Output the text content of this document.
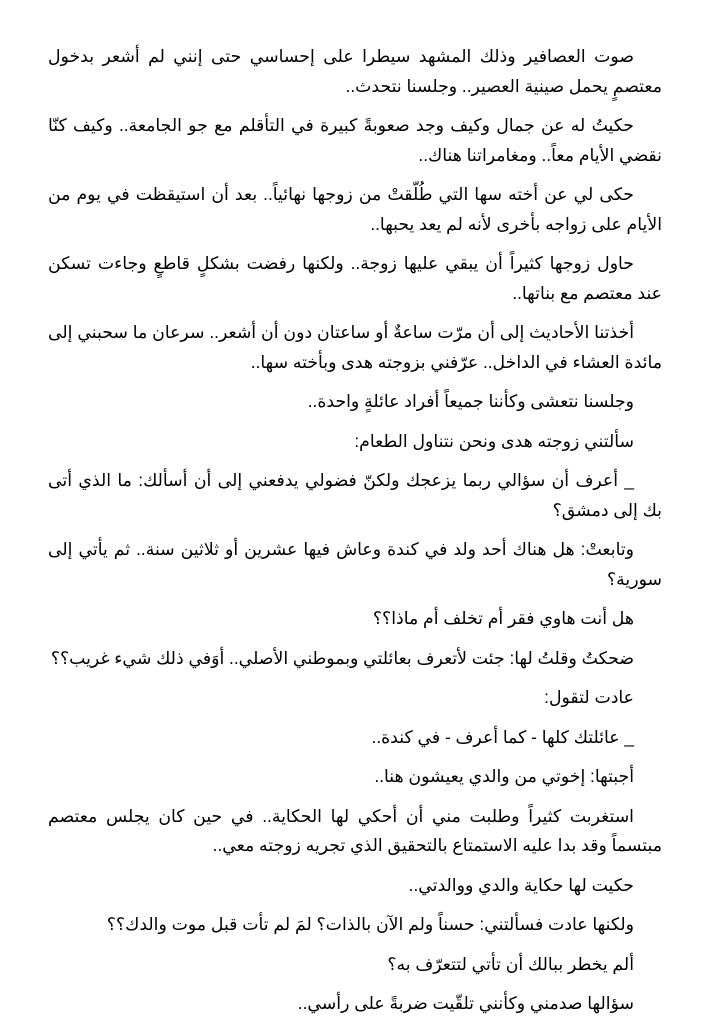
صوت العصافير وذلك المشهد سيطرا على إحساسي حتى إنني لم أشعر بدخول معتصمٍ يحمل صينية العصير.. وجلسنا نتحدث..

حكيتُ له عن جمال وكيف وجد صعوبةً كبيرة في التأقلم مع جو الجامعة.. وكيف كنّا نقضي الأيام معاً.. ومغامراتنا هناك..

حكى لي عن أخته سها التي طُلّقتْ من زوجها نهائياً.. بعد أن استيقظت في يوم من الأيام على زواجه بأخرى لأنه لم يعد يحبها..

حاول زوجها كثيراً أن يبقي عليها زوجة.. ولكنها رفضت بشكلٍ قاطعٍ وجاءت تسكن عند معتصم مع بناتها..

أخذتنا الأحاديث إلى أن مرّت ساعةٌ أو ساعتان دون أن أشعر.. سرعان ما سحبني إلى مائدة العشاء في الداخل.. عرّفني بزوجته هدى وبأخته سها..

وجلسنا نتعشى وكأننا جميعاً أفراد عائلةٍ واحدة..

سألتني زوجته هدى ونحن نتناول الطعام:

_ أعرف أن سؤالي ربما يزعجك ولكنّ فضولي يدفعني إلى أن أسألك: ما الذي أتى بك إلى دمشق؟

وتابعتْ: هل هناك أحد ولد في كندة وعاش فيها عشرين أو ثلاثين سنة.. ثم يأتي إلى سورية؟

هل أنت هاوي فقر أم تخلف أم ماذا؟؟

ضحكتُ وقلتُ لها: جئت لأتعرف بعائلتي وبموطني الأصلي.. أوَفي ذلك شيء غريب؟؟

عادت لتقول:

_ عائلتك كلها - كما أعرف - في كندة..

أجبتها: إخوتي من والدي يعيشون هنا..

استغربت كثيراً وطلبت مني أن أحكي لها الحكاية.. في حين كان يجلس معتصم مبتسماً وقد بدا عليه الاستمتاع بالتحقيق الذي تجريه زوجته معي..

حكيت لها حكاية والدي ووالدتي..

ولكنها عادت فسألتني: حسناً ولم الآن بالذات؟ لمَ لم تأت قبل موت والدك؟؟

ألم يخطر ببالك أن تأتي لتتعرّف به؟

سؤالها صدمني وكأنني تلقّيت ضربةً على رأسي..
